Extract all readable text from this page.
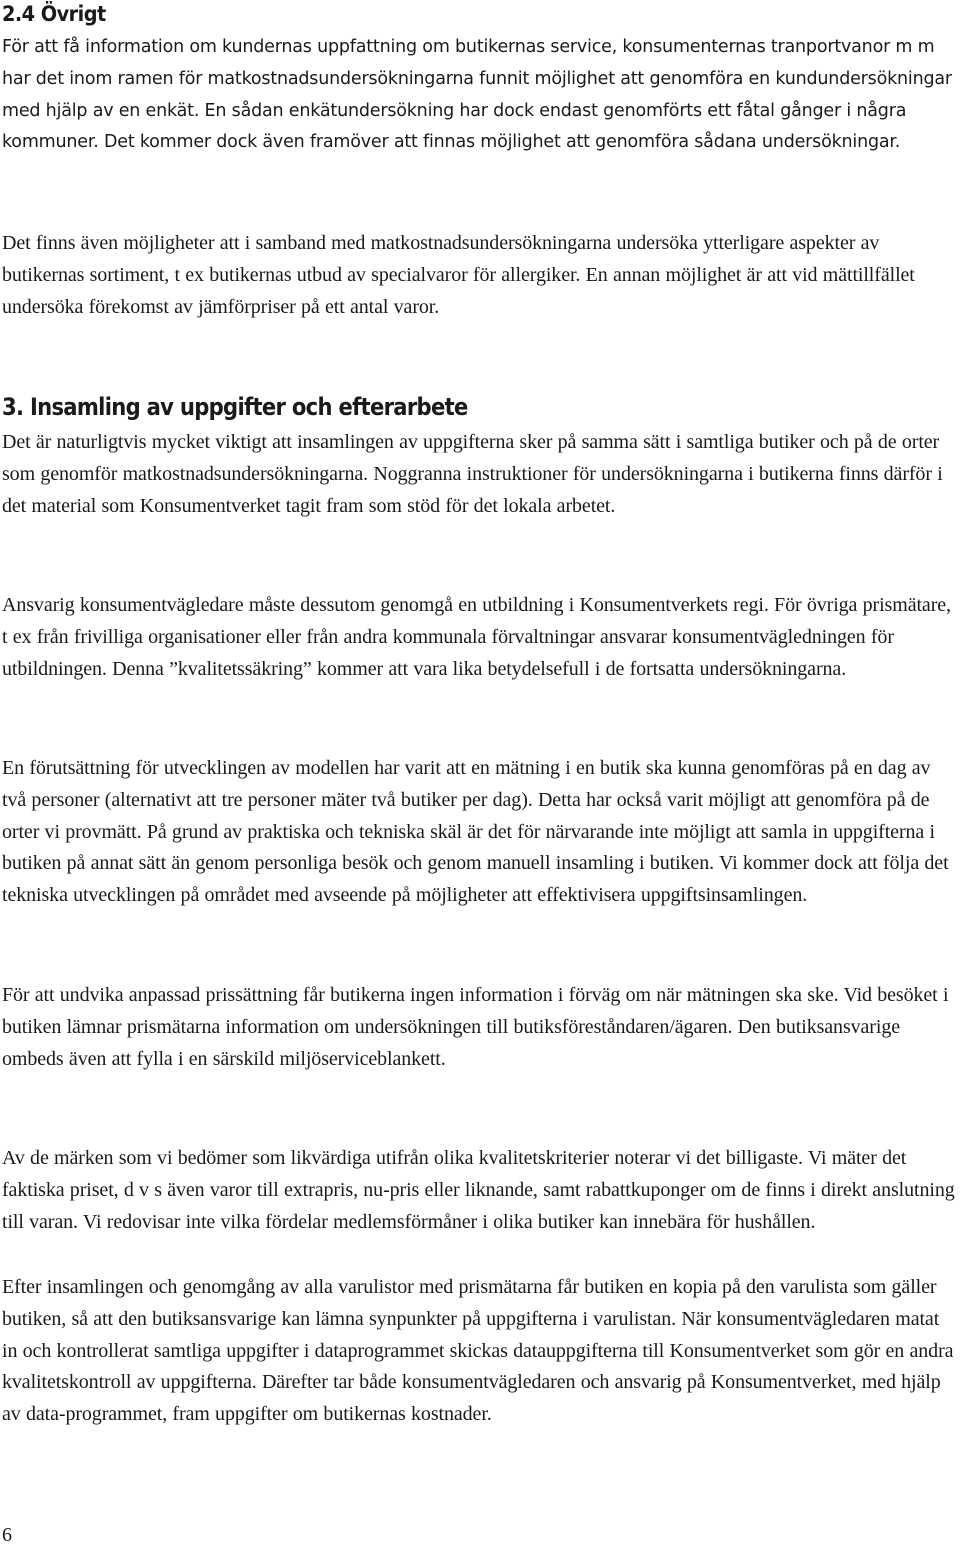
2.4 Övrigt

För att få information om kundernas uppfattning om butikernas service, konsumenternas tranportvanor m m har det inom ramen för matkostnadsundersökningarna funnit möjlighet att genomföra en kundundersökningar med hjälp av en enkät. En sådan enkätundersökning har dock endast genomförts ett fåtal gånger i några kommuner. Det kommer dock även framöver att finnas möjlighet att genomföra sådana undersökningar.

Det finns även möjligheter att i samband med matkostnadsundersökningarna undersöka ytterligare aspekter av butikernas sortiment, t ex butikernas utbud av specialvaror för allergiker. En annan möjlighet är att vid mättillfället undersöka förekomst av jämförpriser på ett antal varor.

3. Insamling av uppgifter och efterarbete

Det är naturligtvis mycket viktigt att insamlingen av uppgifterna sker på samma sätt i samtliga butiker och på de orter som genomför matkostnadsundersökningarna. Noggranna instruktioner för undersökningarna i butikerna finns därför i det material som Konsumentverket tagit fram som stöd för det lokala arbetet.

Ansvarig konsumentvägledare måste dessutom genomgå en utbildning i Konsumentverkets regi. För övriga prismätare, t ex från frivilliga organisationer eller från andra kommunala förvaltningar ansvarar konsumentvägledningen för utbildningen. Denna ”kvalitetssäkring” kommer att vara lika betydelsefull i de fortsatta undersökningarna.

En förutsättning för utvecklingen av modellen har varit att en mätning i en butik ska kunna genomföras på en dag av två personer (alternativt att tre personer mäter två butiker per dag). Detta har också varit möjligt att genomföra på de orter vi provmätt. På grund av praktiska och tekniska skäl är det för närvarande inte möjligt att samla in uppgifterna i butiken på annat sätt än genom personliga besök och genom manuell insamling i butiken. Vi kommer dock att följa det tekniska utvecklingen på området med avseende på möjligheter att effektivisera uppgiftsinsamlingen.

För att undvika anpassad prissättning får butikerna ingen information i förväg om när mätningen ska ske. Vid besöket i butiken lämnar prismätarna information om undersökningen till butiksföreståndaren/ägaren. Den butiksansvarige ombeds även att fylla i en särskild miljöserviceblankett.

Av de märken som vi bedömer som likvärdiga utifrån olika kvalitetskriterier noterar vi det billigaste. Vi mäter det faktiska priset, d v s även varor till extrapris, nu-pris eller liknande, samt rabattkuponger om de finns i direkt anslutning till varan. Vi redovisar inte vilka fördelar medlemsförmåner i olika butiker kan innebära för hushållen.

Efter insamlingen och genomgång av alla varulistor med prismätarna får butiken en kopia på den varulista som gäller butiken, så att den butiksansvarige kan lämna synpunkter på uppgifterna i varulistan. När konsumentvägledaren matat in och kontrollerat samtliga uppgifter i dataprogrammet skickas datauppgifterna till Konsumentverket som gör en andra kvalitetskontroll av uppgifterna. Därefter tar både konsumentvägledaren och ansvarig på Konsumentverket, med hjälp av data-programmet, fram uppgifter om butikernas kostnader.

6
